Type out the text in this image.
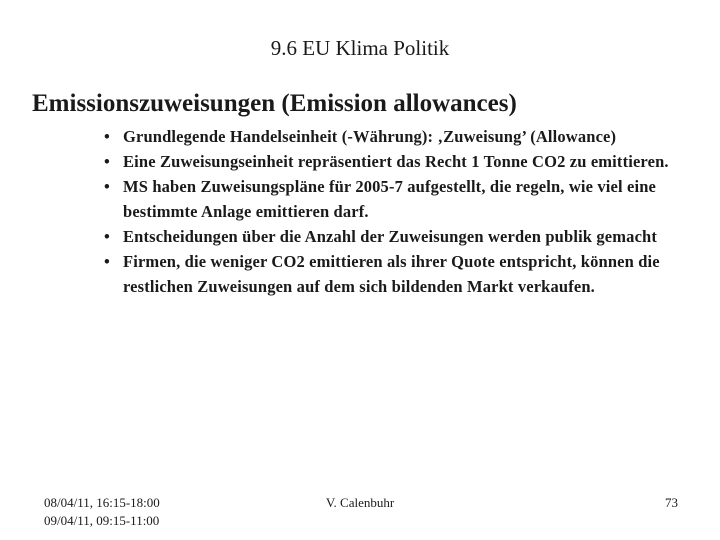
9.6 EU Klima Politik
Emissionszuweisungen (Emission allowances)
• Grundlegende Handelseinheit (-Währung): ‚Zuweisung’ (Allowance)
• Eine Zuweisungseinheit repräsentiert das Recht 1 Tonne CO2 zu emittieren.
• MS haben Zuweisungspläne für 2005-7 aufgestellt, die regeln, wie viel eine bestimmte Anlage emittieren darf.
• Entscheidungen über die Anzahl der Zuweisungen werden publik gemacht
• Firmen, die weniger CO2 emittieren als ihrer Quote entspricht, können die restlichen Zuweisungen auf dem sich bildenden Markt verkaufen.
08/04/11, 16:15-18:00
09/04/11, 09:15-11:00
V. Calenbuhr	73
